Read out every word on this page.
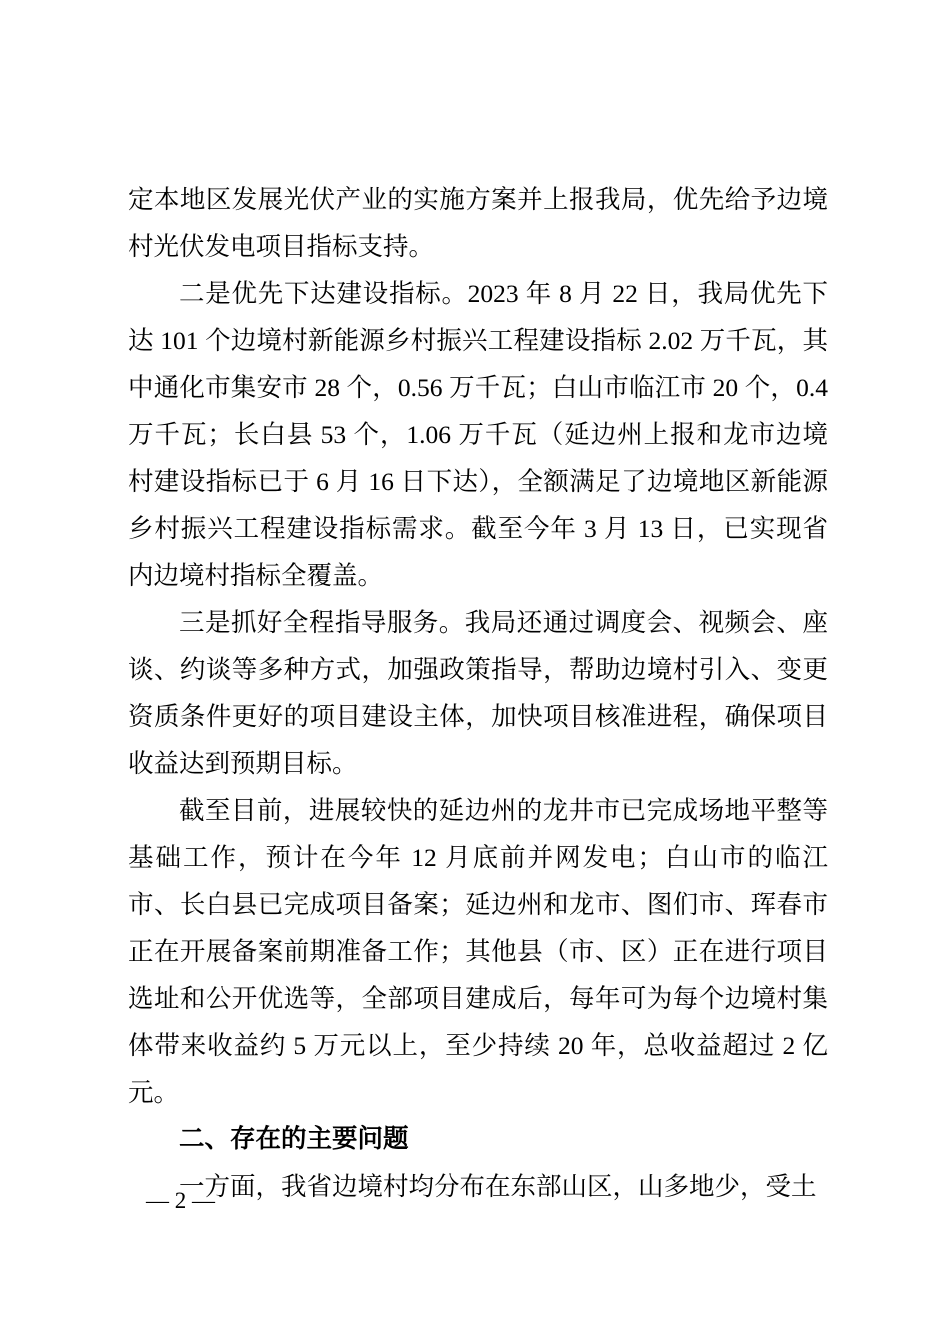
定本地区发展光伏产业的实施方案并上报我局，优先给予边境村光伏发电项目指标支持。

二是优先下达建设指标。2023 年 8 月 22 日，我局优先下达 101 个边境村新能源乡村振兴工程建设指标 2.02 万千瓦，其中通化市集安市 28 个，0.56 万千瓦；白山市临江市 20 个，0.4 万千瓦；长白县 53 个，1.06 万千瓦（延边州上报和龙市边境村建设指标已于 6 月 16 日下达），全额满足了边境地区新能源乡村振兴工程建设指标需求。截至今年 3 月 13 日，已实现省内边境村指标全覆盖。

三是抓好全程指导服务。我局还通过调度会、视频会、座谈、约谈等多种方式，加强政策指导，帮助边境村引入、变更资质条件更好的项目建设主体，加快项目核准进程，确保项目收益达到预期目标。

截至目前，进展较快的延边州的龙井市已完成场地平整等基础工作，预计在今年 12 月底前并网发电；白山市的临江市、长白县已完成项目备案；延边州和龙市、图们市、珲春市正在开展备案前期准备工作；其他县（市、区）正在进行项目选址和公开优选等，全部项目建成后，每年可为每个边境村集体带来收益约 5 万元以上，至少持续 20 年，总收益超过 2 亿元。

二、存在的主要问题

一方面，我省边境村均分布在东部山区，山多地少，受土

— 2 —
